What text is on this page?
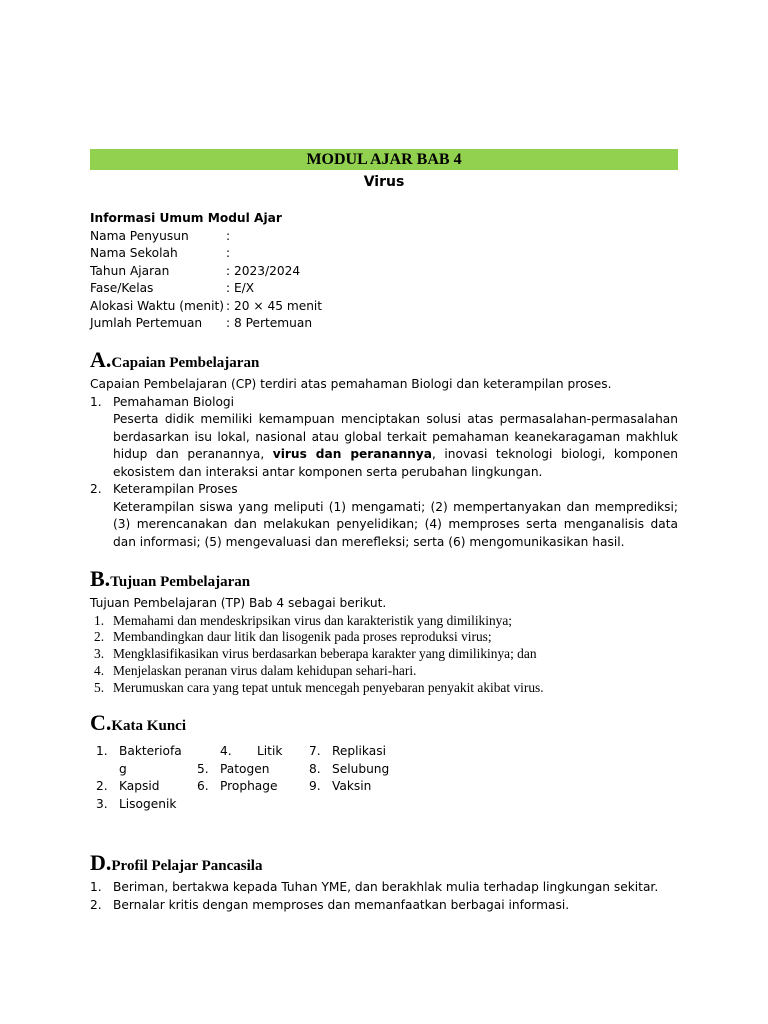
MODUL AJAR BAB 4
Virus
Informasi Umum Modul Ajar
Nama Penyusun	:
Nama Sekolah	:
Tahun Ajaran	: 2023/2024
Fase/Kelas	: E/X
Alokasi Waktu (menit) : 20 × 45 menit
Jumlah Pertemuan	: 8 Pertemuan
A. Capaian Pembelajaran
Capaian Pembelajaran (CP) terdiri atas pemahaman Biologi dan keterampilan proses.
1. Pemahaman Biologi
Peserta didik memiliki kemampuan menciptakan solusi atas permasalahan-permasalahan berdasarkan isu lokal, nasional atau global terkait pemahaman keanekaragaman makhluk hidup dan peranannya, virus dan peranannya, inovasi teknologi biologi, komponen ekosistem dan interaksi antar komponen serta perubahan lingkungan.
2. Keterampilan Proses
Keterampilan siswa yang meliputi (1) mengamati; (2) mempertanyakan dan memprediksi; (3) merencanakan dan melakukan penyelidikan; (4) memproses serta menganalisis data dan informasi; (5) mengevaluasi dan merefleksi; serta (6) mengomunikasikan hasil.
B. Tujuan Pembelajaran
Tujuan Pembelajaran (TP) Bab 4 sebagai berikut.
1. Memahami dan mendeskripsikan virus dan karakteristik yang dimilikinya;
2. Membandingkan daur litik dan lisogenik pada proses reproduksi virus;
3. Mengklasifikasikan virus berdasarkan beberapa karakter yang dimilikinya; dan
4. Menjelaskan peranan virus dalam kehidupan sehari-hari.
5. Merumuskan cara yang tepat untuk mencegah penyebaran penyakit akibat virus.
C. Kata Kunci
1. Bakteriofa
g
2. Kapsid
3. Lisogenik
4.	Litik
5. Patogen
6. Prophage
7. Replikasi
8. Selubung
9. Vaksin
D. Profil Pelajar Pancasila
1. Beriman, bertakwa kepada Tuhan YME, dan berakhlak mulia terhadap lingkungan sekitar.
2. Bernalar kritis dengan memproses dan memanfaatkan berbagai informasi.
